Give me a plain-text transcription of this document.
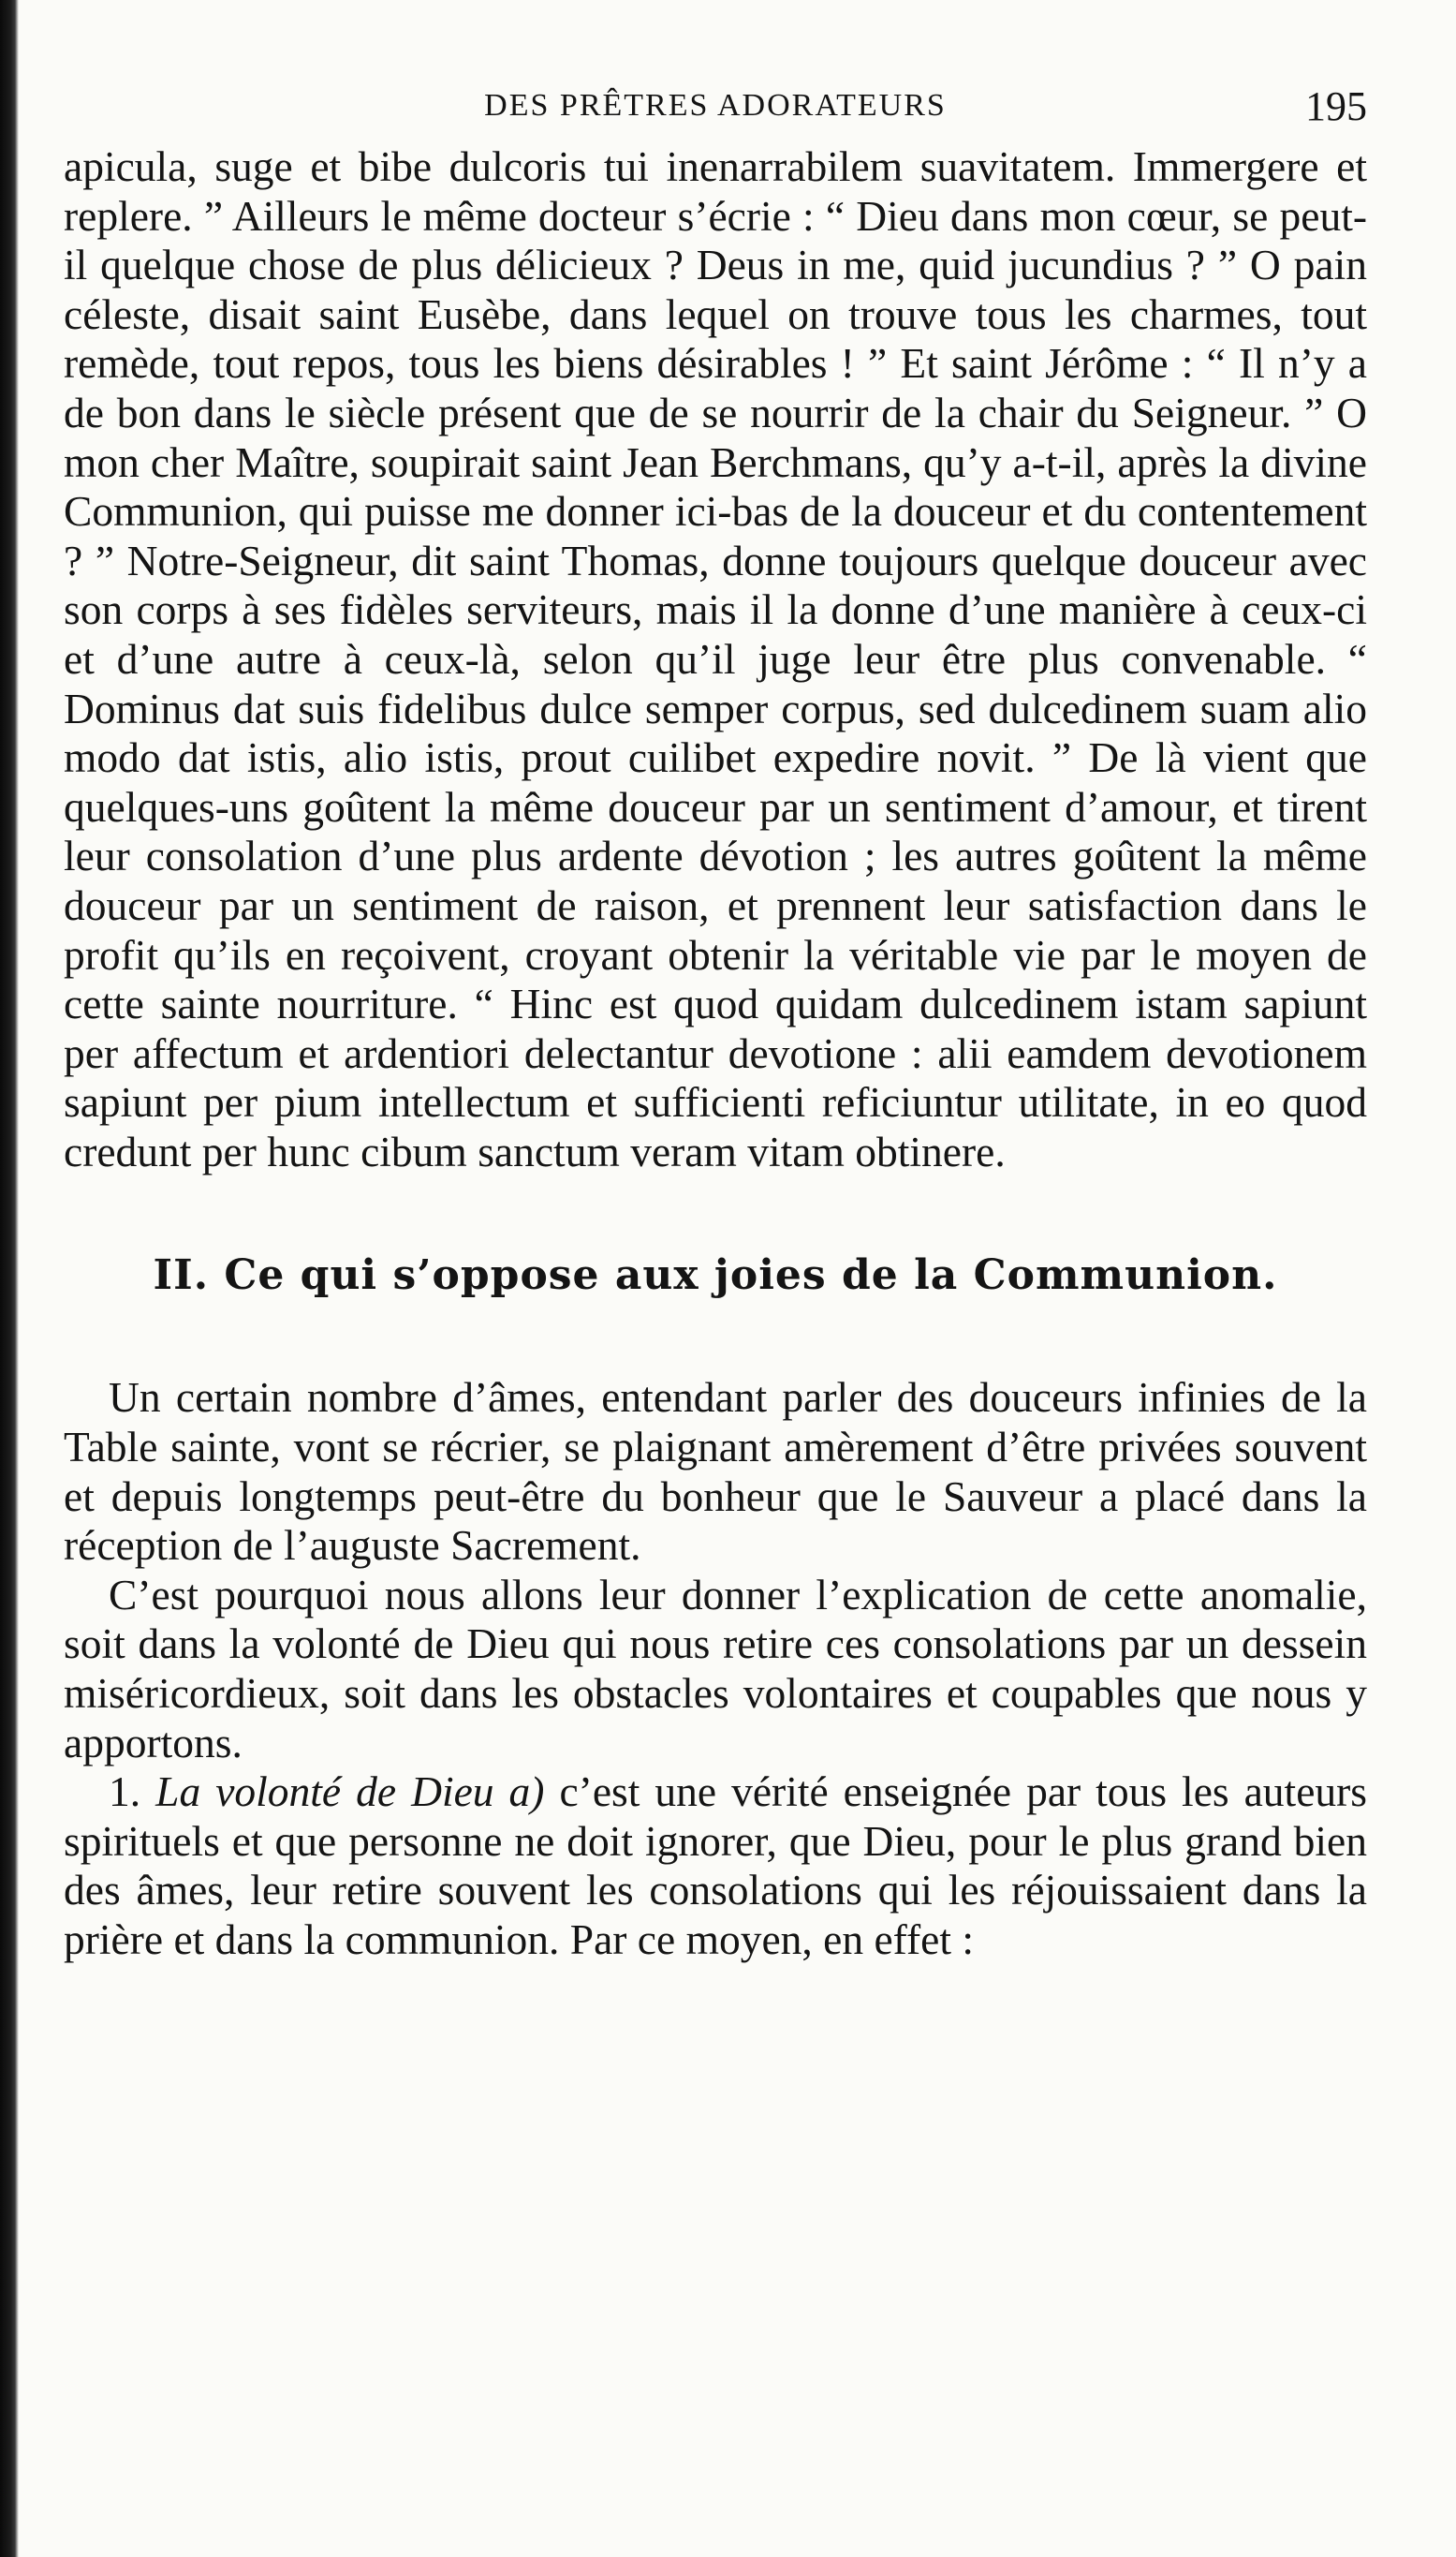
DES PRÊTRES ADORATEURS	195

apicula, suge et bibe dulcoris tui inenarrabilem suavitatem. Immergere et replere. ” Ailleurs le même docteur s’écrie : “ Dieu dans mon cœur, se peut-il quelque chose de plus délicieux ? Deus in me, quid jucundius ? ” O pain céleste, disait saint Eusèbe, dans lequel on trouve tous les charmes, tout remède, tout repos, tous les biens désirables ! ” Et saint Jérôme : “ Il n’y a de bon dans le siècle présent que de se nourrir de la chair du Seigneur. ” O mon cher Maître, soupirait saint Jean Berchmans, qu’y a-t-il, après la divine Communion, qui puisse me donner ici-bas de la douceur et du contentement ? ” Notre-Seigneur, dit saint Thomas, donne toujours quelque douceur avec son corps à ses fidèles serviteurs, mais il la donne d’une manière à ceux-ci et d’une autre à ceux-là, selon qu’il juge leur être plus convenable. “ Dominus dat suis fidelibus dulce semper corpus, sed dulcedinem suam alio modo dat istis, alio istis, prout cuilibet expedire novit. ” De là vient que quelques-uns goûtent la même douceur par un sentiment d’amour, et tirent leur consolation d’une plus ardente dévotion ; les autres goûtent la même douceur par un sentiment de raison, et prennent leur satisfaction dans le profit qu’ils en reçoivent, croyant obtenir la véritable vie par le moyen de cette sainte nourriture. “ Hinc est quod quidam dulcedinem istam sapiunt per affectum et ardentiori delectantur devotione : alii eamdem devotionem sapiunt per pium intellectum et sufficienti reficiuntur utilitate, in eo quod credunt per hunc cibum sanctum veram vitam obtinere.

II. Ce qui s’oppose aux joies de la Communion.

Un certain nombre d’âmes, entendant parler des douceurs infinies de la Table sainte, vont se récrier, se plaignant amèrement d’être privées souvent et depuis longtemps peut-être du bonheur que le Sauveur a placé dans la réception de l’auguste Sacrement.

C’est pourquoi nous allons leur donner l’explication de cette anomalie, soit dans la volonté de Dieu qui nous retire ces consolations par un dessein miséricordieux, soit dans les obstacles volontaires et coupables que nous y apportons.

1. La volonté de Dieu a) c’est une vérité enseignée par tous les auteurs spirituels et que personne ne doit ignorer, que Dieu, pour le plus grand bien des âmes, leur retire souvent les consolations qui les réjouissaient dans la prière et dans la communion. Par ce moyen, en effet :
